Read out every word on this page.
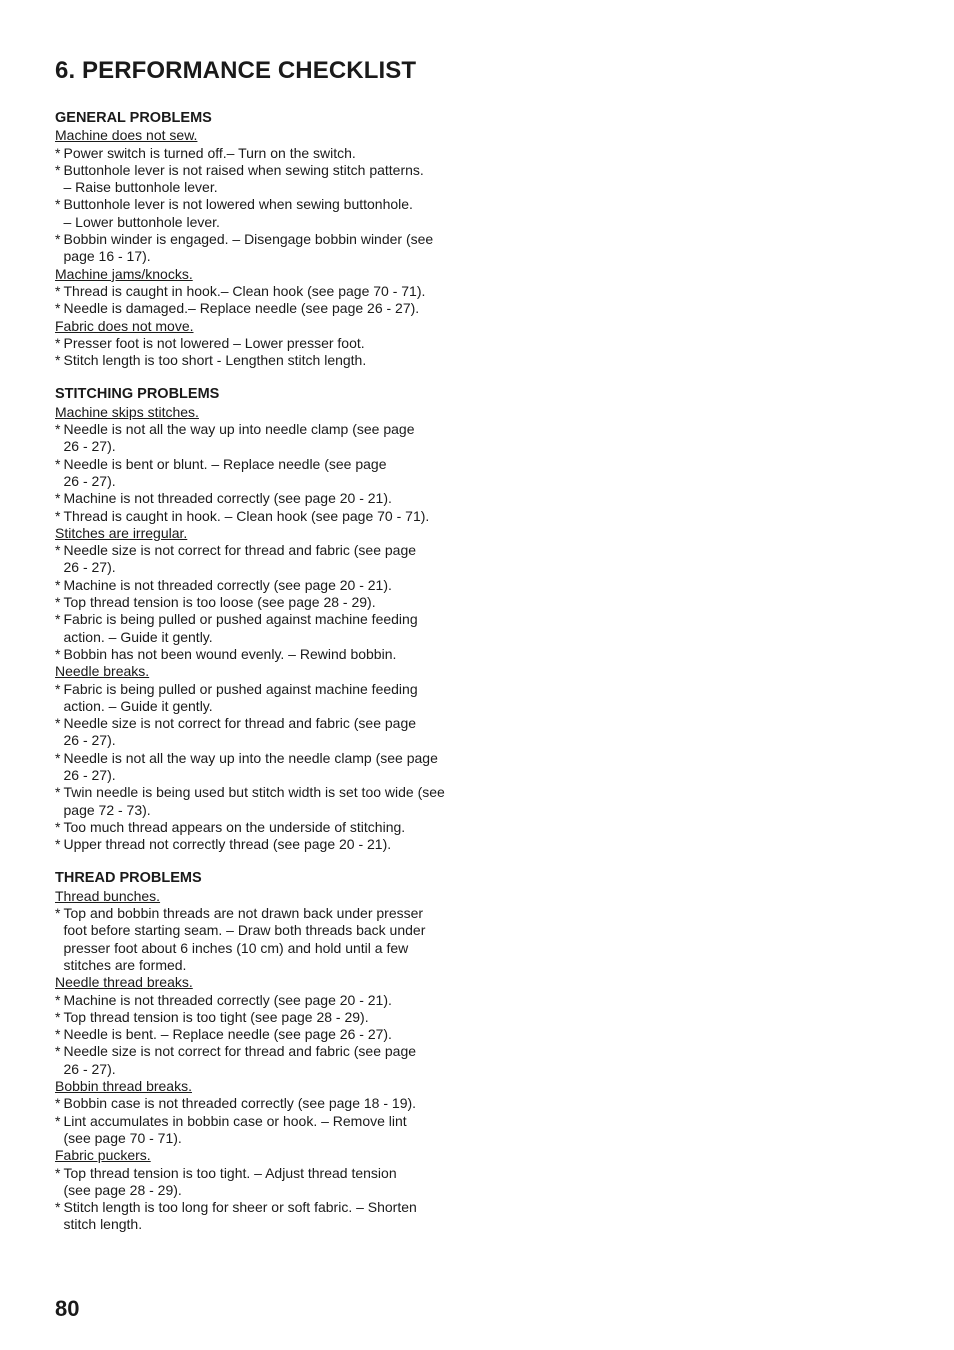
6. PERFORMANCE CHECKLIST
GENERAL PROBLEMS
Machine does not sew.
* Power switch is turned off.– Turn on the switch.
* Buttonhole lever is not raised when sewing stitch patterns.
– Raise buttonhole lever.
* Buttonhole lever is not lowered when sewing buttonhole.
– Lower buttonhole lever.
* Bobbin winder is engaged. – Disengage bobbin winder (see
page 16 - 17).
Machine jams/knocks.
* Thread is caught in hook.– Clean hook (see page 70 - 71).
* Needle is damaged.– Replace needle (see page 26 - 27).
Fabric does not move.
* Presser foot is not lowered – Lower presser foot.
* Stitch length is too short - Lengthen stitch length.
STITCHING PROBLEMS
Machine skips stitches.
* Needle is not all the way up into needle clamp (see page
26 - 27).
* Needle is bent or blunt. – Replace needle (see page
26 - 27).
* Machine is not threaded correctly (see page 20 - 21).
* Thread is caught in hook. – Clean hook (see page 70 - 71).
Stitches are irregular.
* Needle size is not correct for thread and fabric (see page
26 - 27).
* Machine is not threaded correctly (see page 20 - 21).
* Top thread tension is too loose (see page 28 - 29).
* Fabric is being pulled or pushed against machine feeding
action. – Guide it gently.
* Bobbin has not been wound evenly. – Rewind bobbin.
Needle breaks.
* Fabric is being pulled or pushed against machine feeding
action. – Guide it gently.
* Needle size is not correct for thread and fabric (see page
26 - 27).
* Needle is not all the way up into the needle clamp (see page
26 - 27).
* Twin needle is being used but stitch width is set too wide (see
page 72 - 73).
* Too much thread appears on the underside of stitching.
* Upper thread not correctly thread (see page 20 - 21).
THREAD PROBLEMS
Thread bunches.
* Top and bobbin threads are not drawn back under presser
foot before starting seam. – Draw both threads back under
presser foot about 6 inches (10 cm) and hold until a few
stitches are formed.
Needle thread breaks.
* Machine is not threaded correctly (see page 20 - 21).
* Top thread tension is too tight (see page 28 - 29).
* Needle is bent. – Replace needle (see page 26 - 27).
* Needle size is not correct for thread and fabric (see page
26 - 27).
Bobbin thread breaks.
* Bobbin case is not threaded correctly (see page 18 - 19).
* Lint accumulates in bobbin case or hook. – Remove lint
(see page 70 - 71).
Fabric puckers.
* Top thread tension is too tight. – Adjust thread tension
(see page 28 - 29).
* Stitch length is too long for sheer or soft fabric. – Shorten
stitch length.
80
